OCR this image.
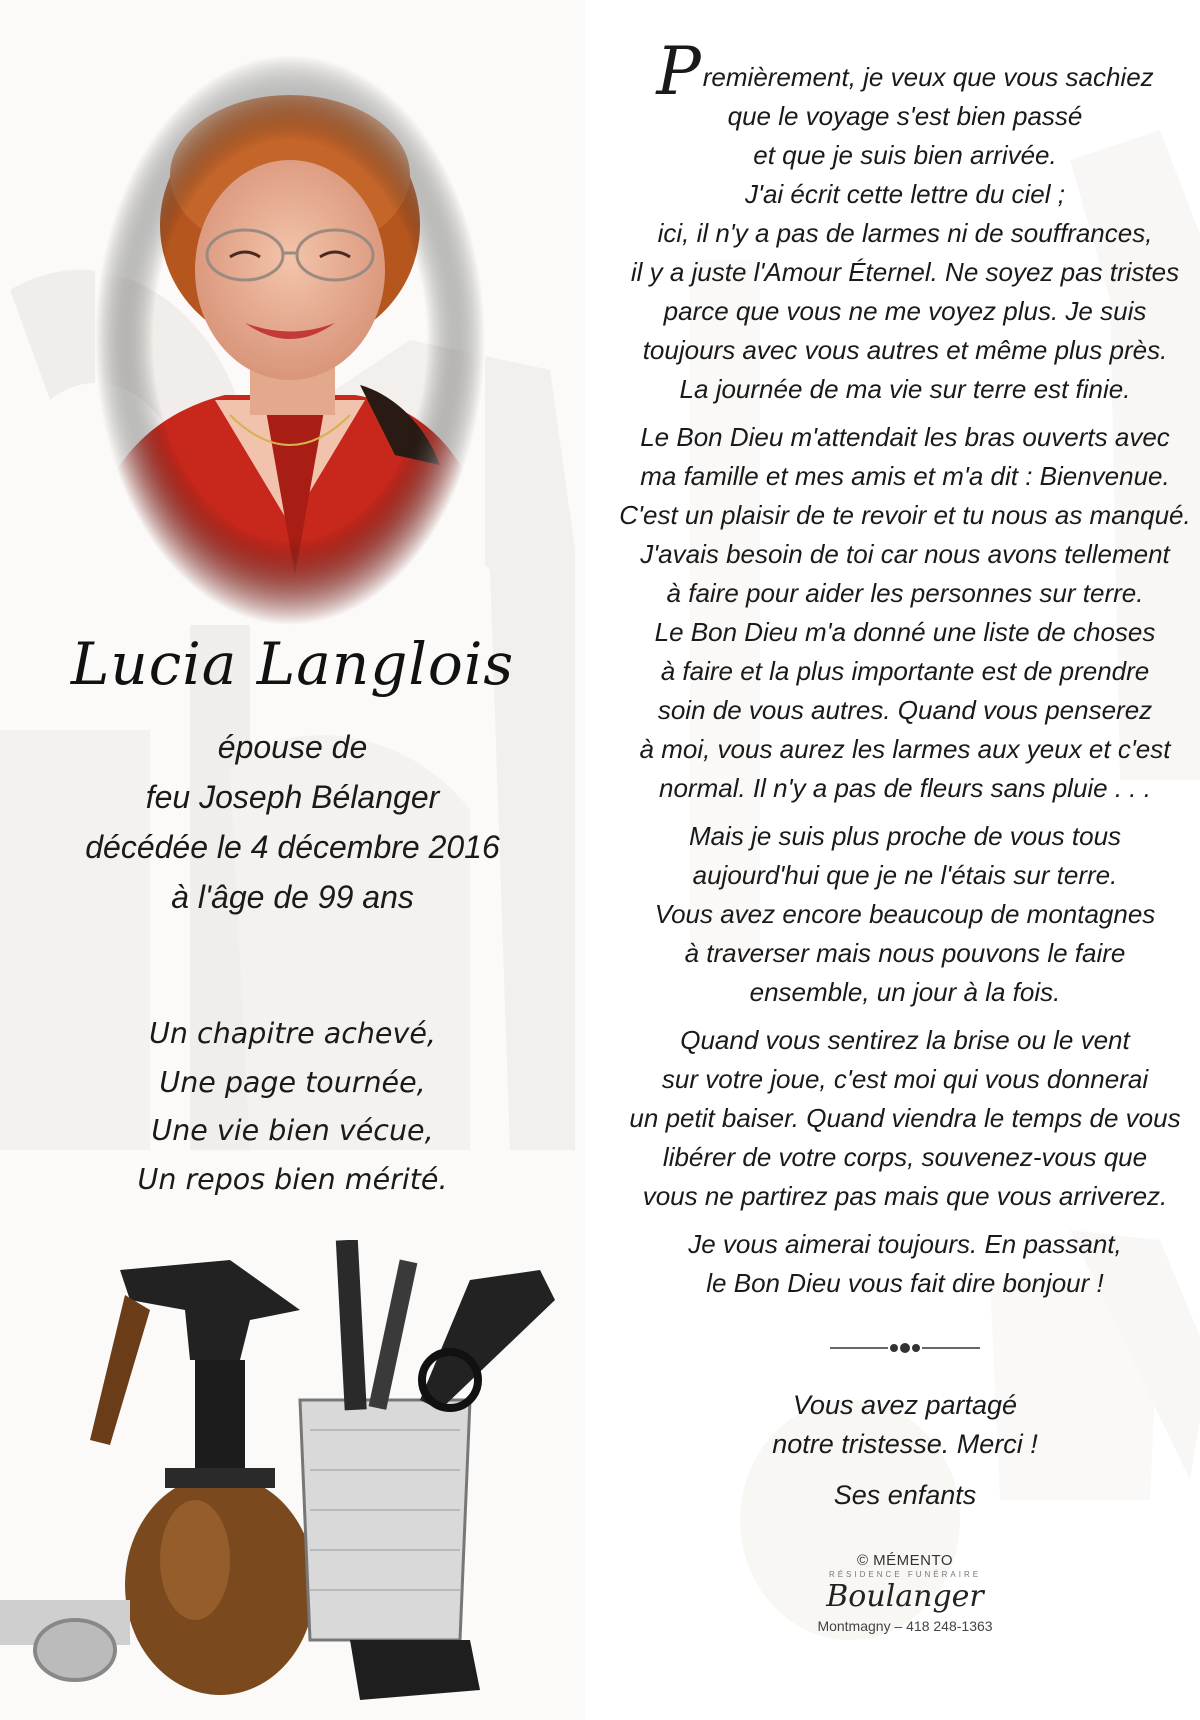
Lucia Langlois
épouse de
feu Joseph Bélanger
décédée le 4 décembre 2016
à l'âge de 99 ans
Un chapitre achevé,
Une page tournée,
Une vie bien vécue,
Un repos bien mérité.

Premièrement, je veux que vous sachiez
que le voyage s'est bien passé
et que je suis bien arrivée.
J'ai écrit cette lettre du ciel ;
ici, il n'y a pas de larmes ni de souffrances,
il y a juste l'Amour Éternel. Ne soyez pas tristes
parce que vous ne me voyez plus. Je suis
toujours avec vous autres et même plus près.
La journée de ma vie sur terre est finie.

Le Bon Dieu m'attendait les bras ouverts avec
ma famille et mes amis et m'a dit : Bienvenue.
C'est un plaisir de te revoir et tu nous as manqué.
J'avais besoin de toi car nous avons tellement
à faire pour aider les personnes sur terre.
Le Bon Dieu m'a donné une liste de choses
à faire et la plus importante est de prendre
soin de vous autres. Quand vous penserez
à moi, vous aurez les larmes aux yeux et c'est
normal. Il n'y a pas de fleurs sans pluie . . .

Mais je suis plus proche de vous tous
aujourd'hui que je ne l'étais sur terre.
Vous avez encore beaucoup de montagnes
à traverser mais nous pouvons le faire
ensemble, un jour à la fois.

Quand vous sentirez la brise ou le vent
sur votre joue, c'est moi qui vous donnerai
un petit baiser. Quand viendra le temps de vous
libérer de votre corps, souvenez-vous que
vous ne partirez pas mais que vous arriverez.

Je vous aimerai toujours. En passant,
le Bon Dieu vous fait dire bonjour !

Vous avez partagé
notre tristesse. Merci !
Ses enfants
© MÉMENTO
RÉSIDENCE FUNÉRAIRE
Boulanger
Montmagny – 418 248-1363
